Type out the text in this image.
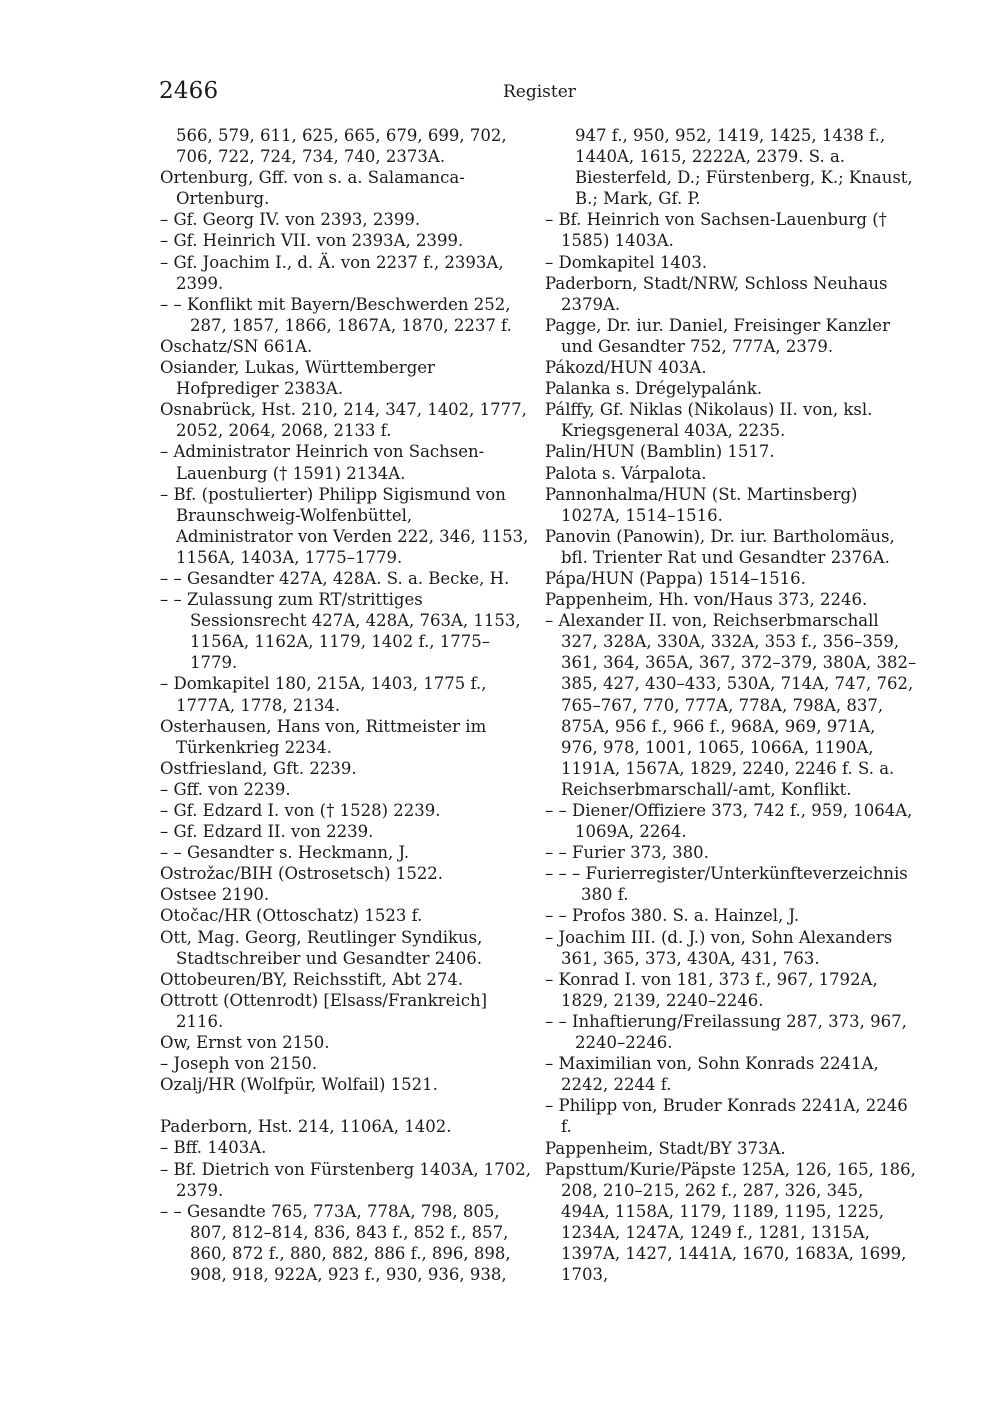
2466	Register
566, 579, 611, 625, 665, 679, 699, 702, 706, 722, 724, 734, 740, 2373A.
Ortenburg, Gff. von s. a. Salamanca-Ortenburg.
– Gf. Georg IV. von 2393, 2399.
– Gf. Heinrich VII. von 2393A, 2399.
– Gf. Joachim I., d. Ä. von 2237 f., 2393A, 2399.
– – Konflikt mit Bayern/Beschwerden 252, 287, 1857, 1866, 1867A, 1870, 2237 f.
Oschatz/SN 661A.
Osiander, Lukas, Württemberger Hofprediger 2383A.
Osnabrück, Hst. 210, 214, 347, 1402, 1777, 2052, 2064, 2068, 2133 f.
– Administrator Heinrich von Sachsen-Lauenburg († 1591) 2134A.
– Bf. (postulierter) Philipp Sigismund von Braunschweig-Wolfenbüttel, Administrator von Verden 222, 346, 1153, 1156A, 1403A, 1775–1779.
– – Gesandter 427A, 428A. S. a. Becke, H.
– – Zulassung zum RT/strittiges Sessionsrecht 427A, 428A, 763A, 1153, 1156A, 1162A, 1179, 1402 f., 1775–1779.
– Domkapitel 180, 215A, 1403, 1775 f., 1777A, 1778, 2134.
Osterhausen, Hans von, Rittmeister im Türkenkrieg 2234.
Ostfriesland, Gft. 2239.
– Gff. von 2239.
– Gf. Edzard I. von († 1528) 2239.
– Gf. Edzard II. von 2239.
– – Gesandter s. Heckmann, J.
Ostrožac/BIH (Ostrosetsch) 1522.
Ostsee 2190.
Otočac/HR (Ottoschatz) 1523 f.
Ott, Mag. Georg, Reutlinger Syndikus, Stadtschreiber und Gesandter 2406.
Ottobeuren/BY, Reichsstift, Abt 274.
Ottrott (Ottenrodt) [Elsass/Frankreich] 2116.
Ow, Ernst von 2150.
– Joseph von 2150.
Ozalj/HR (Wolfpür, Wolfail) 1521.
Paderborn, Hst. 214, 1106A, 1402.
– Bff. 1403A.
– Bf. Dietrich von Fürstenberg 1403A, 1702, 2379.
– – Gesandte 765, 773A, 778A, 798, 805, 807, 812–814, 836, 843 f., 852 f., 857, 860, 872 f., 880, 882, 886 f., 896, 898, 908, 918, 922A, 923 f., 930, 936, 938,
947 f., 950, 952, 1419, 1425, 1438 f., 1440A, 1615, 2222A, 2379. S. a. Biesterfeld, D.; Fürstenberg, K.; Knaust, B.; Mark, Gf. P.
– Bf. Heinrich von Sachsen-Lauenburg († 1585) 1403A.
– Domkapitel 1403.
Paderborn, Stadt/NRW, Schloss Neuhaus 2379A.
Pagge, Dr. iur. Daniel, Freisinger Kanzler und Gesandter 752, 777A, 2379.
Pákozd/HUN 403A.
Palanka s. Drégelypalánk.
Pálffy, Gf. Niklas (Nikolaus) II. von, ksl. Kriegsgeneral 403A, 2235.
Palin/HUN (Bamblin) 1517.
Palota s. Várpalota.
Pannonhalma/HUN (St. Martinsberg) 1027A, 1514–1516.
Panovin (Panowin), Dr. iur. Bartholomäus, bfl. Trienter Rat und Gesandter 2376A.
Pápa/HUN (Pappa) 1514–1516.
Pappenheim, Hh. von/Haus 373, 2246.
– Alexander II. von, Reichserbmarschall 327, 328A, 330A, 332A, 353 f., 356–359, 361, 364, 365A, 367, 372–379, 380A, 382–385, 427, 430–433, 530A, 714A, 747, 762, 765–767, 770, 777A, 778A, 798A, 837, 875A, 956 f., 966 f., 968A, 969, 971A, 976, 978, 1001, 1065, 1066A, 1190A, 1191A, 1567A, 1829, 2240, 2246 f. S. a. Reichserbmarschall/-amt, Konflikt.
– – Diener/Offiziere 373, 742 f., 959, 1064A, 1069A, 2264.
– – Furier 373, 380.
– – – Furierregister/Unterkünfteverzeichnis 380 f.
– – Profos 380. S. a. Hainzel, J.
– Joachim III. (d. J.) von, Sohn Alexanders 361, 365, 373, 430A, 431, 763.
– Konrad I. von 181, 373 f., 967, 1792A, 1829, 2139, 2240–2246.
– – Inhaftierung/Freilassung 287, 373, 967, 2240–2246.
– Maximilian von, Sohn Konrads 2241A, 2242, 2244 f.
– Philipp von, Bruder Konrads 2241A, 2246 f.
Pappenheim, Stadt/BY 373A.
Papsttum/Kurie/Päpste 125A, 126, 165, 186, 208, 210–215, 262 f., 287, 326, 345, 494A, 1158A, 1179, 1189, 1195, 1225, 1234A, 1247A, 1249 f., 1281, 1315A, 1397A, 1427, 1441A, 1670, 1683A, 1699, 1703,
